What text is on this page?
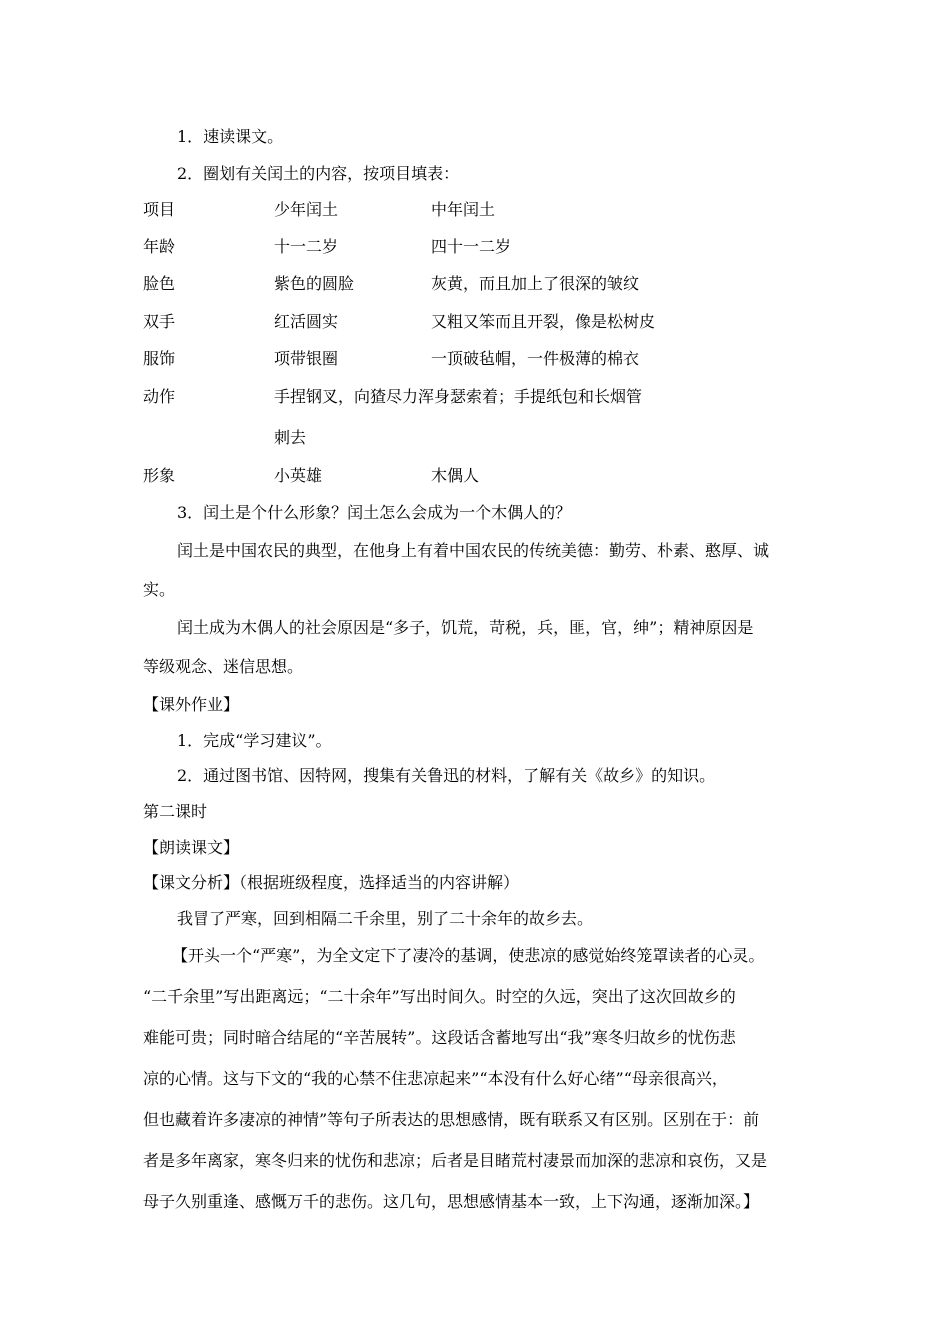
1．速读课文。
2．圈划有关闰土的内容，按项目填表：
项目	少年闰土	中年闰土
年龄	十一二岁	四十一二岁
脸色	紫色的圆脸	灰黄，而且加上了很深的皱纹
双手	红活圆实	又粗又笨而且开裂，像是松树皮
服饰	项带银圈	一顶破毡帽，一件极薄的棉衣
动作	手捏钢叉，向猹尽力浑身瑟索着；手提纸包和长烟管
刺去
形象	小英雄	木偶人
3．闰土是个什么形象？闰土怎么会成为一个木偶人的？
闰土是中国农民的典型，在他身上有着中国农民的传统美德：勤劳、朴素、憨厚、诚
实。
闰土成为木偶人的社会原因是“多子，饥荒，苛税，兵，匪，官，绅”；精神原因是
等级观念、迷信思想。
【课外作业】
1．完成“学习建议”。
2．通过图书馆、因特网，搜集有关鲁迅的材料，了解有关《故乡》的知识。
第二课时
【朗读课文】
【课文分析】（根据班级程度，选择适当的内容讲解）
我冒了严寒，回到相隔二千余里，别了二十余年的故乡去。
【开头一个“严寒”，为全文定下了凄冷的基调，使悲凉的感觉始终笼罩读者的心灵。
“二千余里”写出距离远；“二十余年”写出时间久。时空的久远，突出了这次回故乡的
难能可贵；同时暗合结尾的“辛苦展转”。这段话含蓄地写出“我”寒冬归故乡的忧伤悲
凉的心情。这与下文的“我的心禁不住悲凉起来”“本没有什么好心绪”“母亲很高兴，
但也藏着许多凄凉的神情”等句子所表达的思想感情，既有联系又有区别。区别在于：前
者是多年离家，寒冬归来的忧伤和悲凉；后者是目睹荒村凄景而加深的悲凉和哀伤，又是
母子久别重逢、感慨万千的悲伤。这几句，思想感情基本一致，上下沟通，逐渐加深。】
